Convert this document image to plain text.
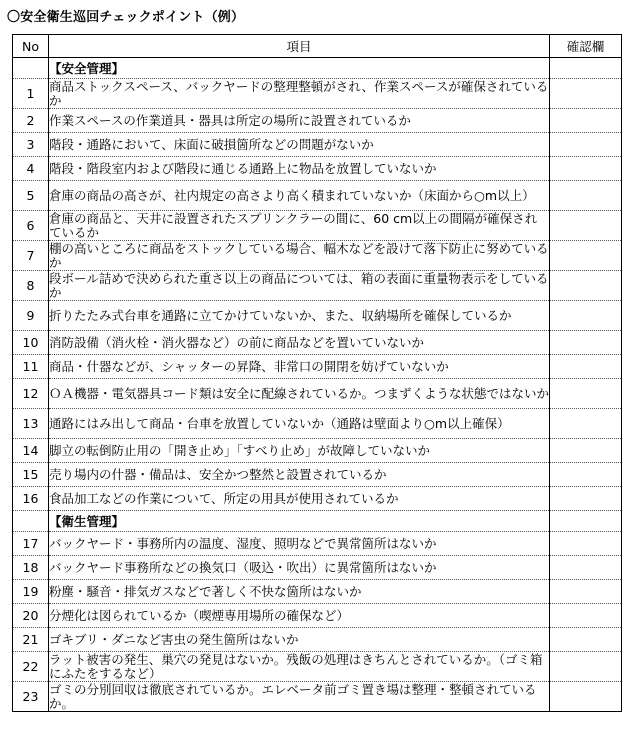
〇安全衛生巡回チェックポイント（例）
No	項目	確認欄
	【安全管理】	
1	商品ストックスペース、バックヤードの整理整頓がされ、作業スペースが確保されているか	
2	作業スペースの作業道具・器具は所定の場所に設置されているか	
3	階段・通路において、床面に破損箇所などの問題がないか	
4	階段・階段室内および階段に通じる通路上に物品を放置していないか	
5	倉庫の商品の高さが、社内規定の高さより高く積まれていないか（床面から○m以上）	
6	倉庫の商品と、天井に設置されたスプリンクラーの間に、60 cm以上の間隔が確保されているか	
7	棚の高いところに商品をストックしている場合、幅木などを設けて落下防止に努めているか	
8	段ボール詰めで決められた重さ以上の商品については、箱の表面に重量物表示をしているか	
9	折りたたみ式台車を通路に立てかけていないか、また、収納場所を確保しているか	
10	消防設備（消火栓・消火器など）の前に商品などを置いていないか	
11	商品・什器などが、シャッターの昇降、非常口の開閉を妨げていないか	
12	ＯＡ機器・電気器具コード類は安全に配線されているか。つまずくような状態ではないか	
13	通路にはみ出して商品・台車を放置していないか（通路は壁面より○m以上確保）	
14	脚立の転倒防止用の「開き止め」「すべり止め」が故障していないか	
15	売り場内の什器・備品は、安全かつ整然と設置されているか	
16	食品加工などの作業について、所定の用具が使用されているか	
	【衛生管理】	
17	バックヤード・事務所内の温度、湿度、照明などで異常箇所はないか	
18	バックヤード事務所などの換気口（吸込・吹出）に異常箇所はないか	
19	粉塵・騒音・排気ガスなどで著しく不快な箇所はないか	
20	分煙化は図られているか（喫煙専用場所の確保など）	
21	ゴキブリ・ダニなど害虫の発生箇所はないか	
22	ラット被害の発生、巣穴の発見はないか。残飯の処理はきちんとされているか。（ゴミ箱にふたをするなど）	
23	ゴミの分別回収は徹底されているか。エレベータ前ゴミ置き場は整理・整頓されているか。	
